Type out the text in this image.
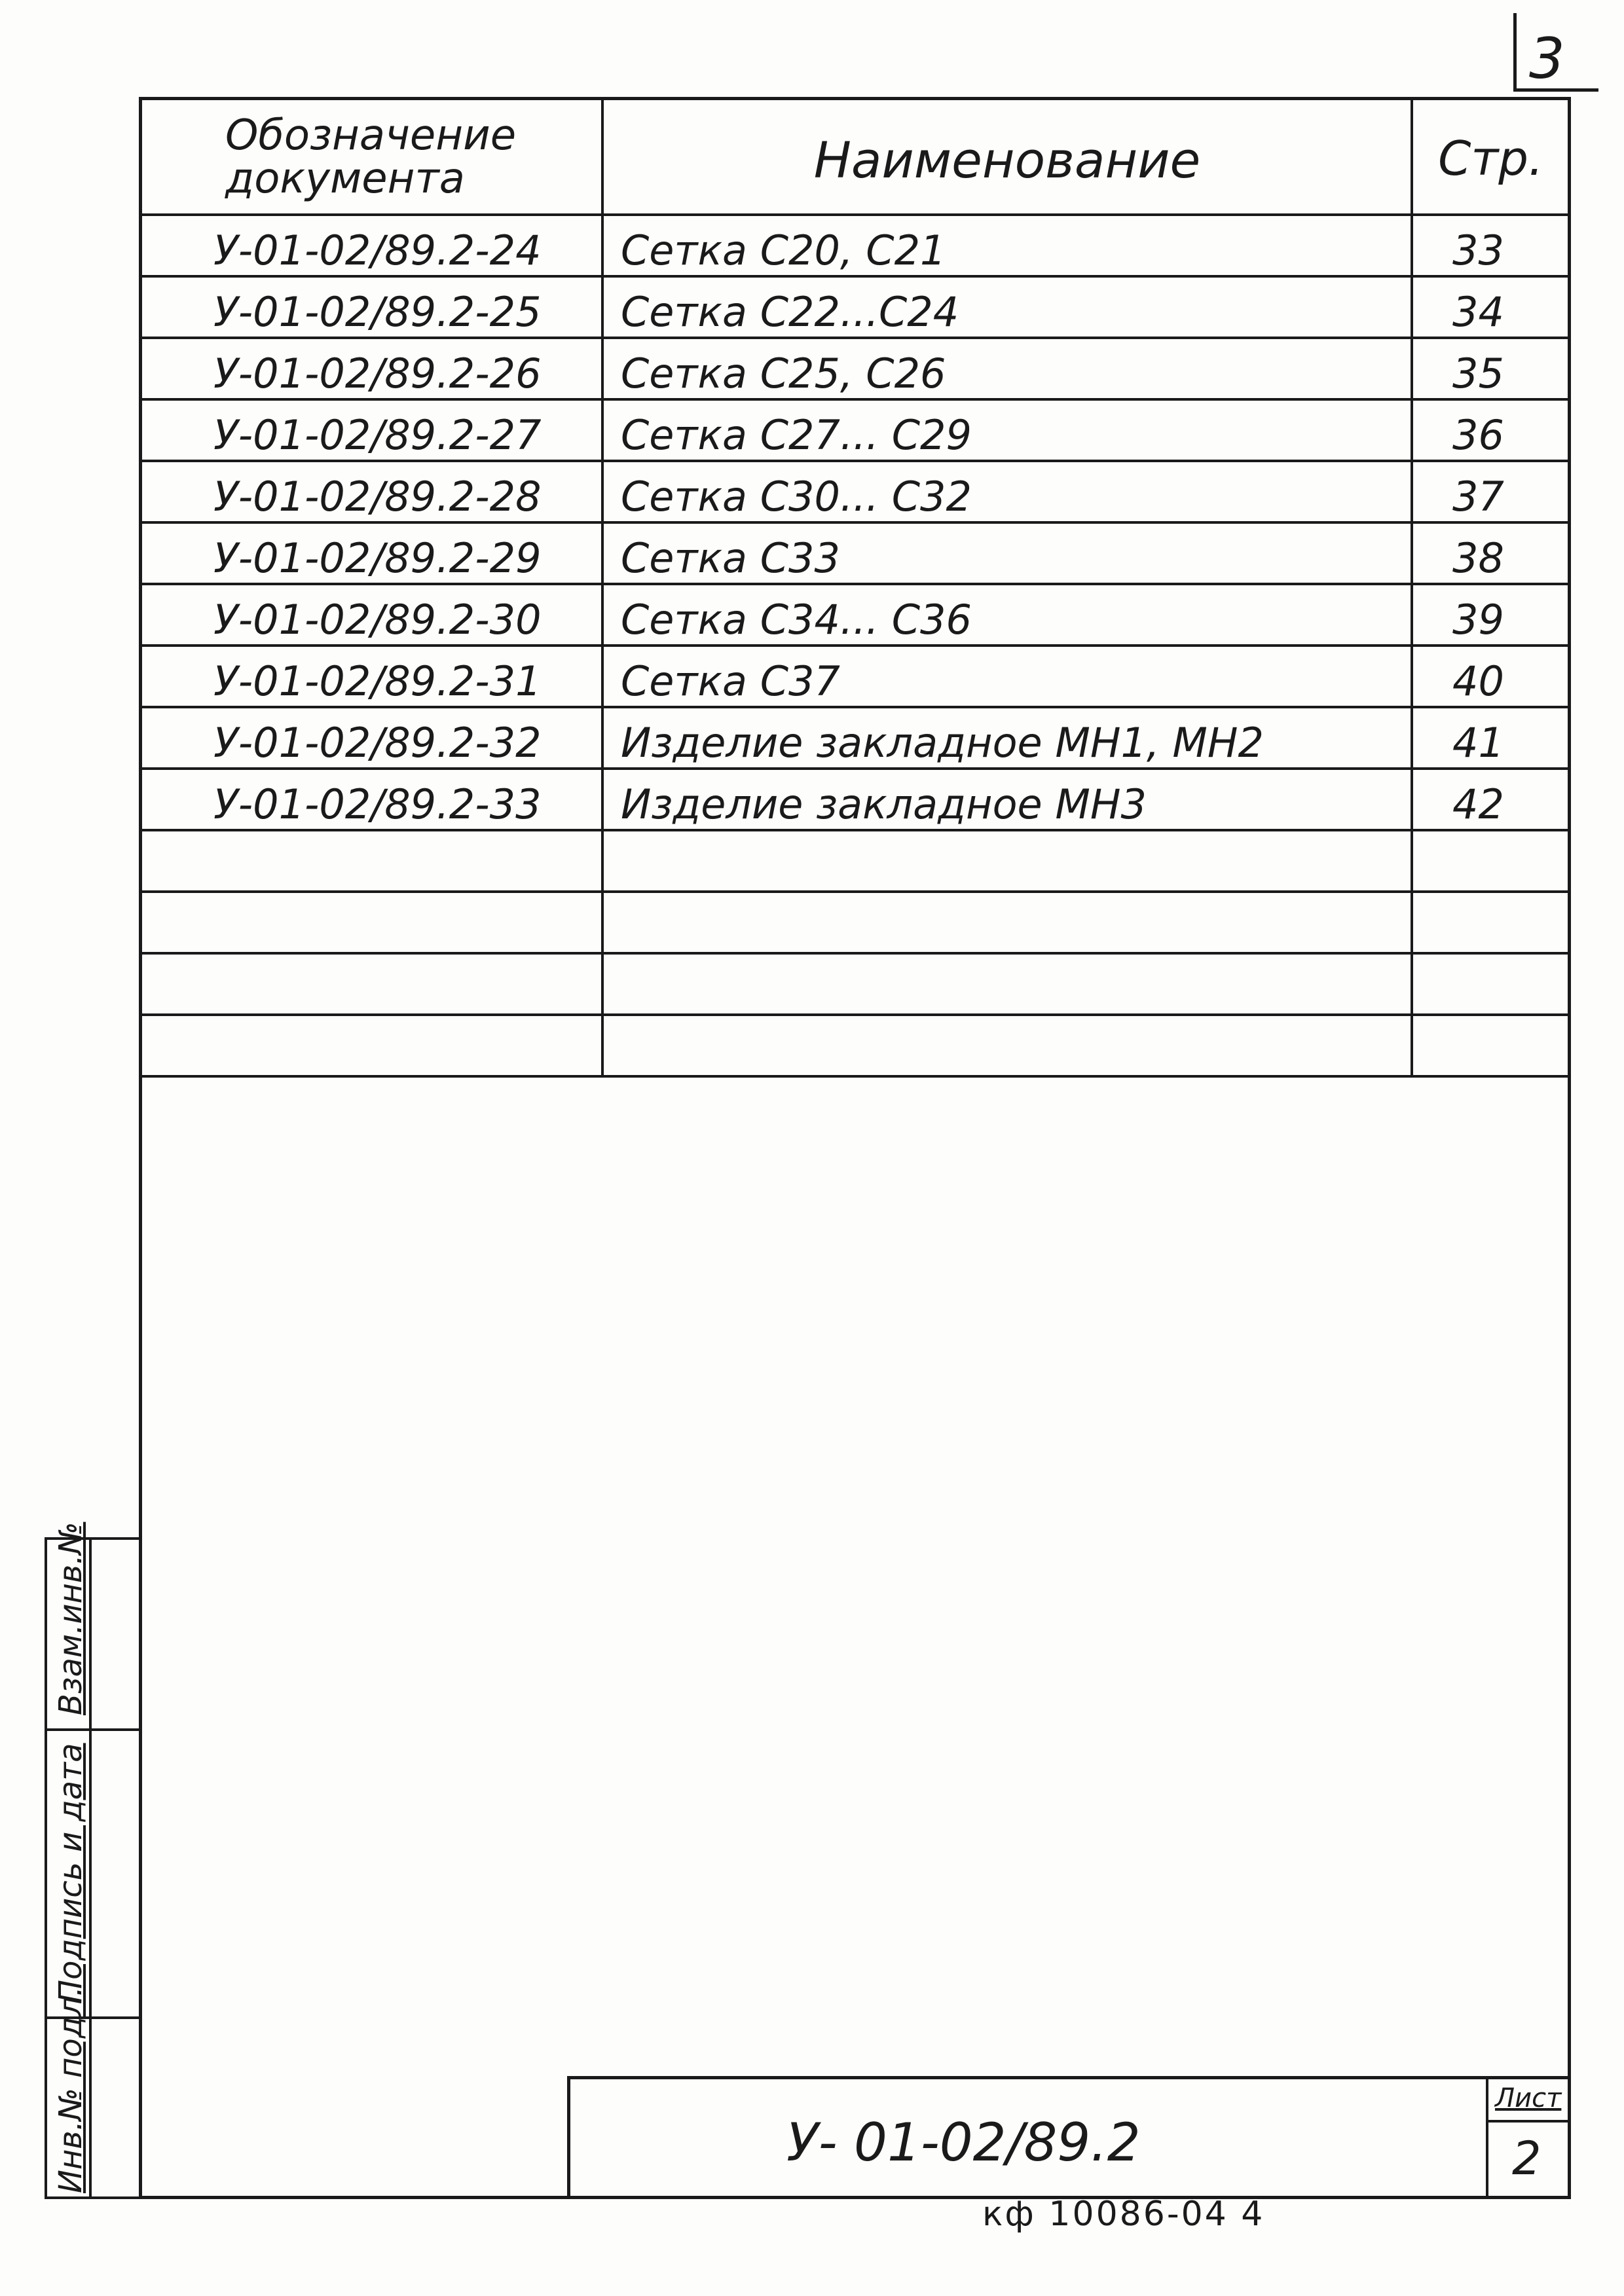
3
Обозначение
документа	Наименование	Стр.
У-01-02/89.2-24	Сетка С20, С21	33
У-01-02/89.2-25	Сетка С22...С24	34
У-01-02/89.2-26	Сетка С25, С26	35
У-01-02/89.2-27	Сетка С27... С29	36
У-01-02/89.2-28	Сетка С30... С32	37
У-01-02/89.2-29	Сетка С33	38
У-01-02/89.2-30	Сетка С34... С36	39
У-01-02/89.2-31	Сетка С37	40
У-01-02/89.2-32	Изделие закладное МН1, МН2	41
У-01-02/89.2-33	Изделие закладное МН3	42
Инв.№ подл.
Подпись и дата
Взам.инв.№
У- 01-02/89.2
Лист
2
кф 10086-04 4
